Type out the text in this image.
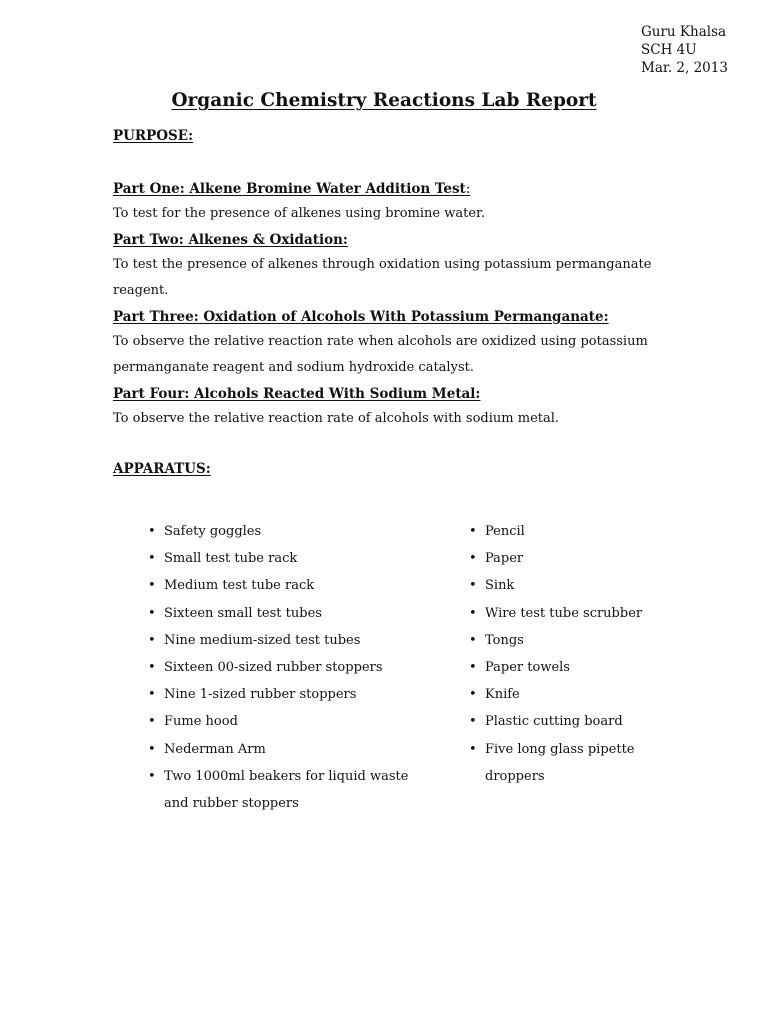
Guru Khalsa
SCH 4U
Mar. 2, 2013
Organic Chemistry Reactions Lab Report
PURPOSE:
Part One: Alkene Bromine Water Addition Test:

To test for the presence of alkenes using bromine water.

Part Two: Alkenes & Oxidation:

To test the presence of alkenes through oxidation using potassium permanganate
reagent.

Part Three: Oxidation of Alcohols With Potassium Permanganate:

To observe the relative reaction rate when alcohols are oxidized using potassium
permanganate reagent and sodium hydroxide catalyst.

Part Four: Alcohols Reacted With Sodium Metal:

To observe the relative reaction rate of alcohols with sodium metal.

APPARATUS:
• Safety goggles
• Small test tube rack
• Medium test tube rack
• Sixteen small test tubes
• Nine medium-sized test tubes
• Sixteen 00-sized rubber stoppers
• Nine 1-sized rubber stoppers
• Fume hood
• Nederman Arm
• Two 1000ml beakers for liquid waste
and rubber stoppers
• Pencil
• Paper
• Sink
• Wire test tube scrubber
• Tongs
• Paper towels
• Knife
• Plastic cutting board
• Five long glass pipette
droppers
